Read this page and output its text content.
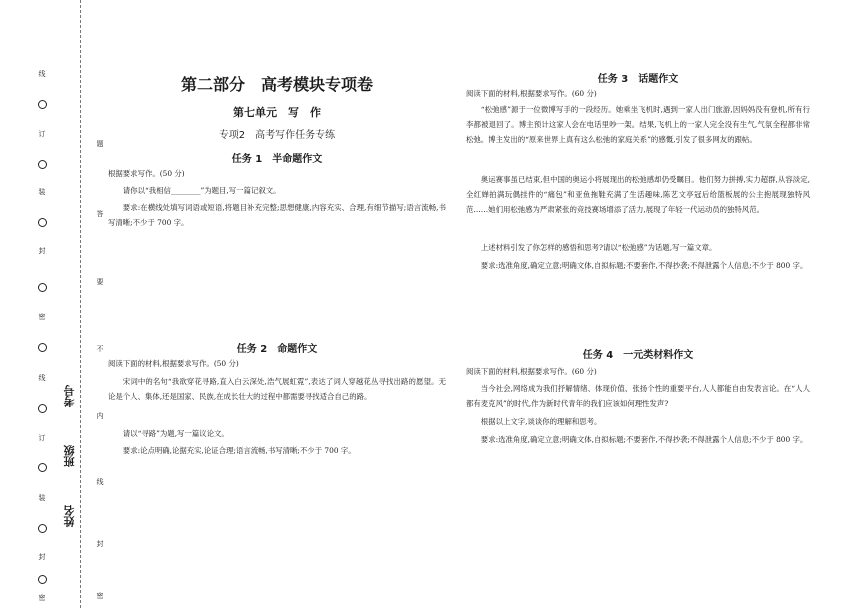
线
订
装
封
密
线
订
装
封
密
考号
班级
姓名
题
答
要
不
内
线
封
密
第二部分　高考模块专项卷
第七单元　写　作
专项2　高考写作任务专练
任务 1　半命题作文
根据要求写作。(50 分)
请你以“我相信________”为题目,写一篇记叙文。
要求:在横线处填写词语或短语,将题目补充完整;思想健康,内容充实、合理,有细节描写;语言流畅,书写清晰;不少于 700 字。
任务 2　命题作文
阅读下面的材料,根据要求写作。(50 分)
宋词中的名句“我欲穿花寻路,直入白云深处,浩气展虹霓”,表达了词人穿越花丛寻找出路的愿望。无论是个人、集体,还是国家、民族,在成长壮大的过程中都需要寻找适合自己的路。
请以“寻路”为题,写一篇议论文。
要求:论点明确,论据充实,论证合理;语言流畅,书写清晰;不少于 700 字。
任务 3　话题作文
阅读下面的材料,根据要求写作。(60 分)
“松弛感”源于一位微博写手的一段经历。她乘坐飞机时,遇到一家人出门旅游,因妈妈没有登机,所有行李都被退回了。博主预计这家人会在电话里吵一架。结果,飞机上的一家人完全没有生气,气氛全程都非常松弛。博主发出的“原来世界上真有这么松弛的家庭关系”的感慨,引发了很多网友的跟帖。
奥运赛事虽已结束,但中国的奥运小将展现出的松弛感却仍受瞩目。他们努力拼搏,实力超群,从容淡定,全红婵拍满玩偶挂件的“痛包”和亚鱼拖鞋充满了生活趣味,陈艺文亭冠后给篮板展的公主抱展现独特风范……她们用松弛感为严肃紧张的竞技赛场增添了活力,展现了年轻一代运动员的独特风范。
上述材料引发了你怎样的感悟和思考?请以“松弛感”为话题,写一篇文章。
要求:选准角度,确定立意;明确文体,自拟标题;不要套作,不得抄袭;不得泄露个人信息;不少于 800 字。
任务 4　一元类材料作文
阅读下面的材料,根据要求写作。(60 分)
当今社会,网络成为我们抒解情绪、体现价值、张扬个性的重要平台,人人都能自由发表言论。在“人人都有麦克风”的时代,作为新时代青年的我们应该如何理性发声?
根据以上文字,谈谈你的理解和思考。
要求:选准角度,确定立意;明确文体,自拟标题;不要套作,不得抄袭;不得泄露个人信息;不少于 800 字。
